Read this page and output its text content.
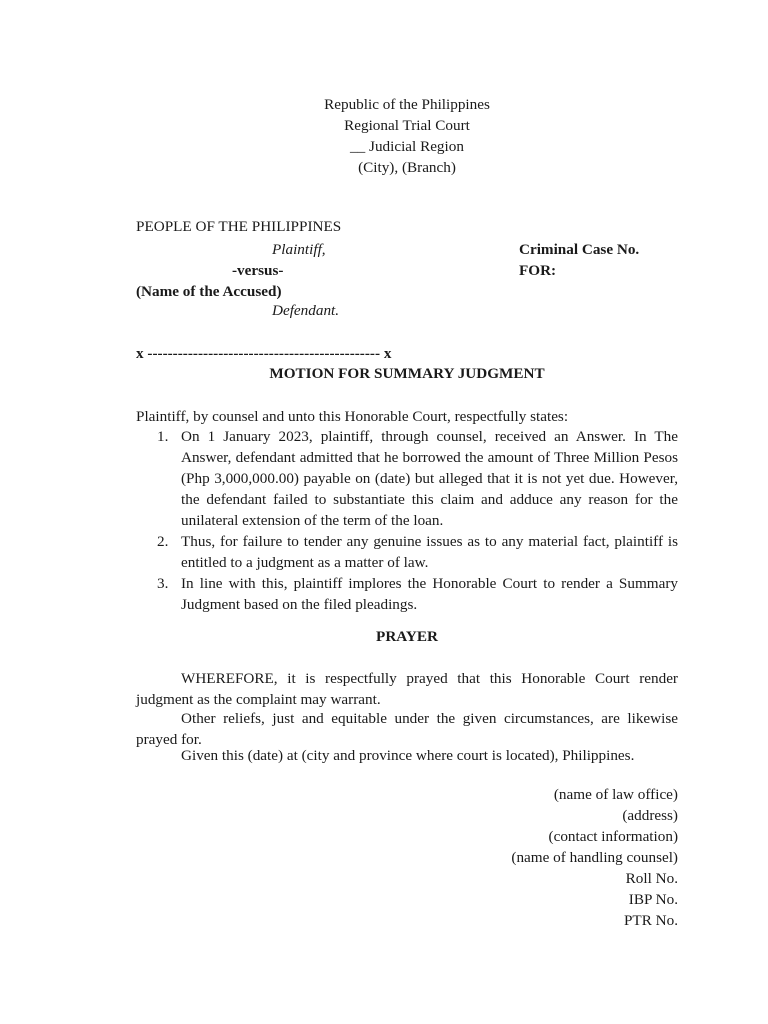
Republic of the Philippines
Regional Trial Court
__ Judicial Region
(City), (Branch)
PEOPLE OF THE PHILIPPINES
Plaintiff,	Criminal Case No.
-versus-	FOR:
(Name of the Accused)
Defendant.
x ---------------------------------------------- x
MOTION FOR SUMMARY JUDGMENT
Plaintiff, by counsel and unto this Honorable Court, respectfully states:
1. On 1 January 2023, plaintiff, through counsel, received an Answer. In The Answer, defendant admitted that he borrowed the amount of Three Million Pesos (Php 3,000,000.00) payable on (date) but alleged that it is not yet due. However, the defendant failed to substantiate this claim and adduce any reason for the unilateral extension of the term of the loan.
2. Thus, for failure to tender any genuine issues as to any material fact, plaintiff is entitled to a judgment as a matter of law.
3. In line with this, plaintiff implores the Honorable Court to render a Summary Judgment based on the filed pleadings.
PRAYER
WHEREFORE, it is respectfully prayed that this Honorable Court render judgment as the complaint may warrant.
Other reliefs, just and equitable under the given circumstances, are likewise prayed for.
Given this (date) at (city and province where court is located), Philippines.
(name of law office)
(address)
(contact information)
(name of handling counsel)
Roll No.
IBP No.
PTR No.
